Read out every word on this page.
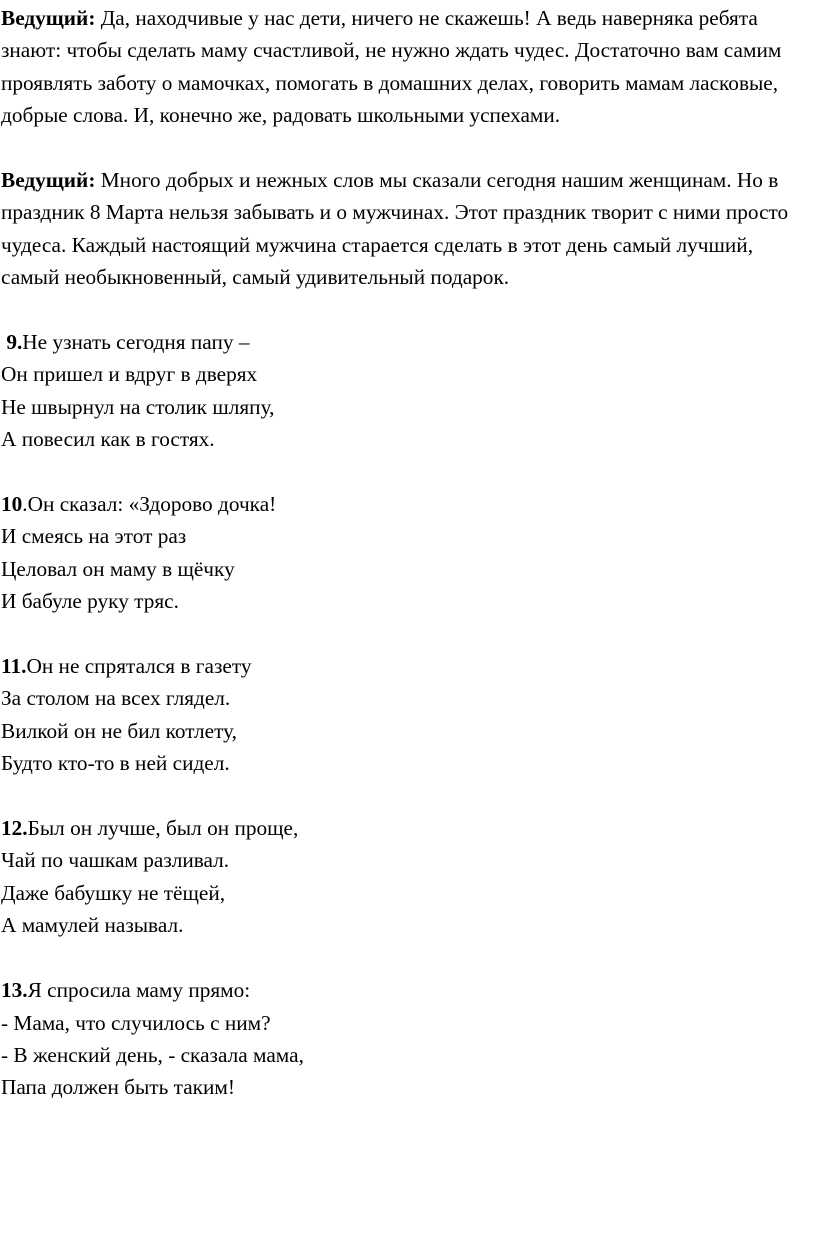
Ведущий: Да, находчивые у нас дети, ничего не скажешь! А ведь наверняка ребята знают: чтобы сделать маму счастливой, не нужно ждать чудес. Достаточно вам самим проявлять заботу о мамочках, помогать в домашних делах, говорить мамам ласковые, добрые слова. И, конечно же, радовать школьными успехами.

Ведущий: Много добрых и нежных слов мы сказали сегодня нашим женщинам. Но в праздник 8 Марта нельзя забывать и о мужчинах. Этот праздник творит с ними просто чудеса. Каждый настоящий мужчина старается сделать в этот день самый лучший, самый необыкновенный, самый удивительный подарок.

9.Не узнать сегодня папу –
Он пришел и вдруг в дверях
Не швырнул на столик шляпу,
А повесил как в гостях.
10.Он сказал: «Здорово дочка!
И смеясь на этот раз
Целовал он маму в щёчку
И бабуле руку тряс.
11.Он не спрятался в газету
За столом на всех глядел.
Вилкой он не бил котлету,
Будто кто-то в ней сидел.
12.Был он лучше, был он проще,
Чай по чашкам разливал.
Даже бабушку не тёщей,
А мамулей называл.
13.Я спросила маму прямо:
- Мама, что случилось с ним?
- В женский день, - сказала мама,
Папа должен быть таким!
